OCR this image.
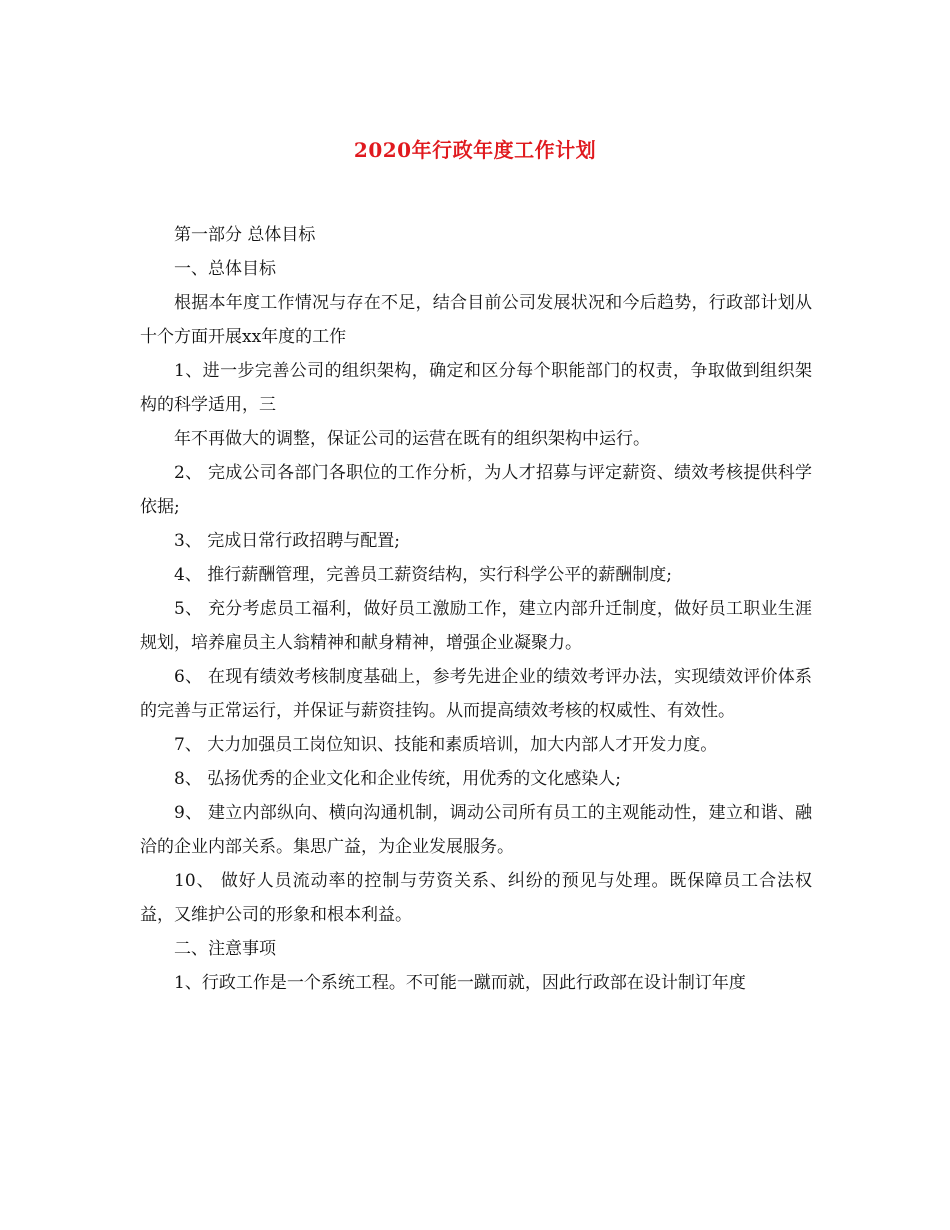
2020年行政年度工作计划

第一部分 总体目标

一、总体目标

根据本年度工作情况与存在不足，结合目前公司发展状况和今后趋势，行政部计划从十个方面开展xx年度的工作

1、进一步完善公司的组织架构，确定和区分每个职能部门的权责，争取做到组织架构的科学适用，三

年不再做大的调整，保证公司的运营在既有的组织架构中运行。

2、 完成公司各部门各职位的工作分析，为人才招募与评定薪资、绩效考核提供科学依据;

3、 完成日常行政招聘与配置;

4、 推行薪酬管理，完善员工薪资结构，实行科学公平的薪酬制度;

5、 充分考虑员工福利，做好员工激励工作，建立内部升迁制度，做好员工职业生涯规划，培养雇员主人翁精神和献身精神，增强企业凝聚力。

6、 在现有绩效考核制度基础上，参考先进企业的绩效考评办法，实现绩效评价体系的完善与正常运行，并保证与薪资挂钩。从而提高绩效考核的权威性、有效性。

7、 大力加强员工岗位知识、技能和素质培训，加大内部人才开发力度。

8、 弘扬优秀的企业文化和企业传统，用优秀的文化感染人;

9、 建立内部纵向、横向沟通机制，调动公司所有员工的主观能动性，建立和谐、融洽的企业内部关系。集思广益，为企业发展服务。

10、 做好人员流动率的控制与劳资关系、纠纷的预见与处理。既保障员工合法权益，又维护公司的形象和根本利益。

二、注意事项

1、行政工作是一个系统工程。不可能一蹴而就，因此行政部在设计制订年度
